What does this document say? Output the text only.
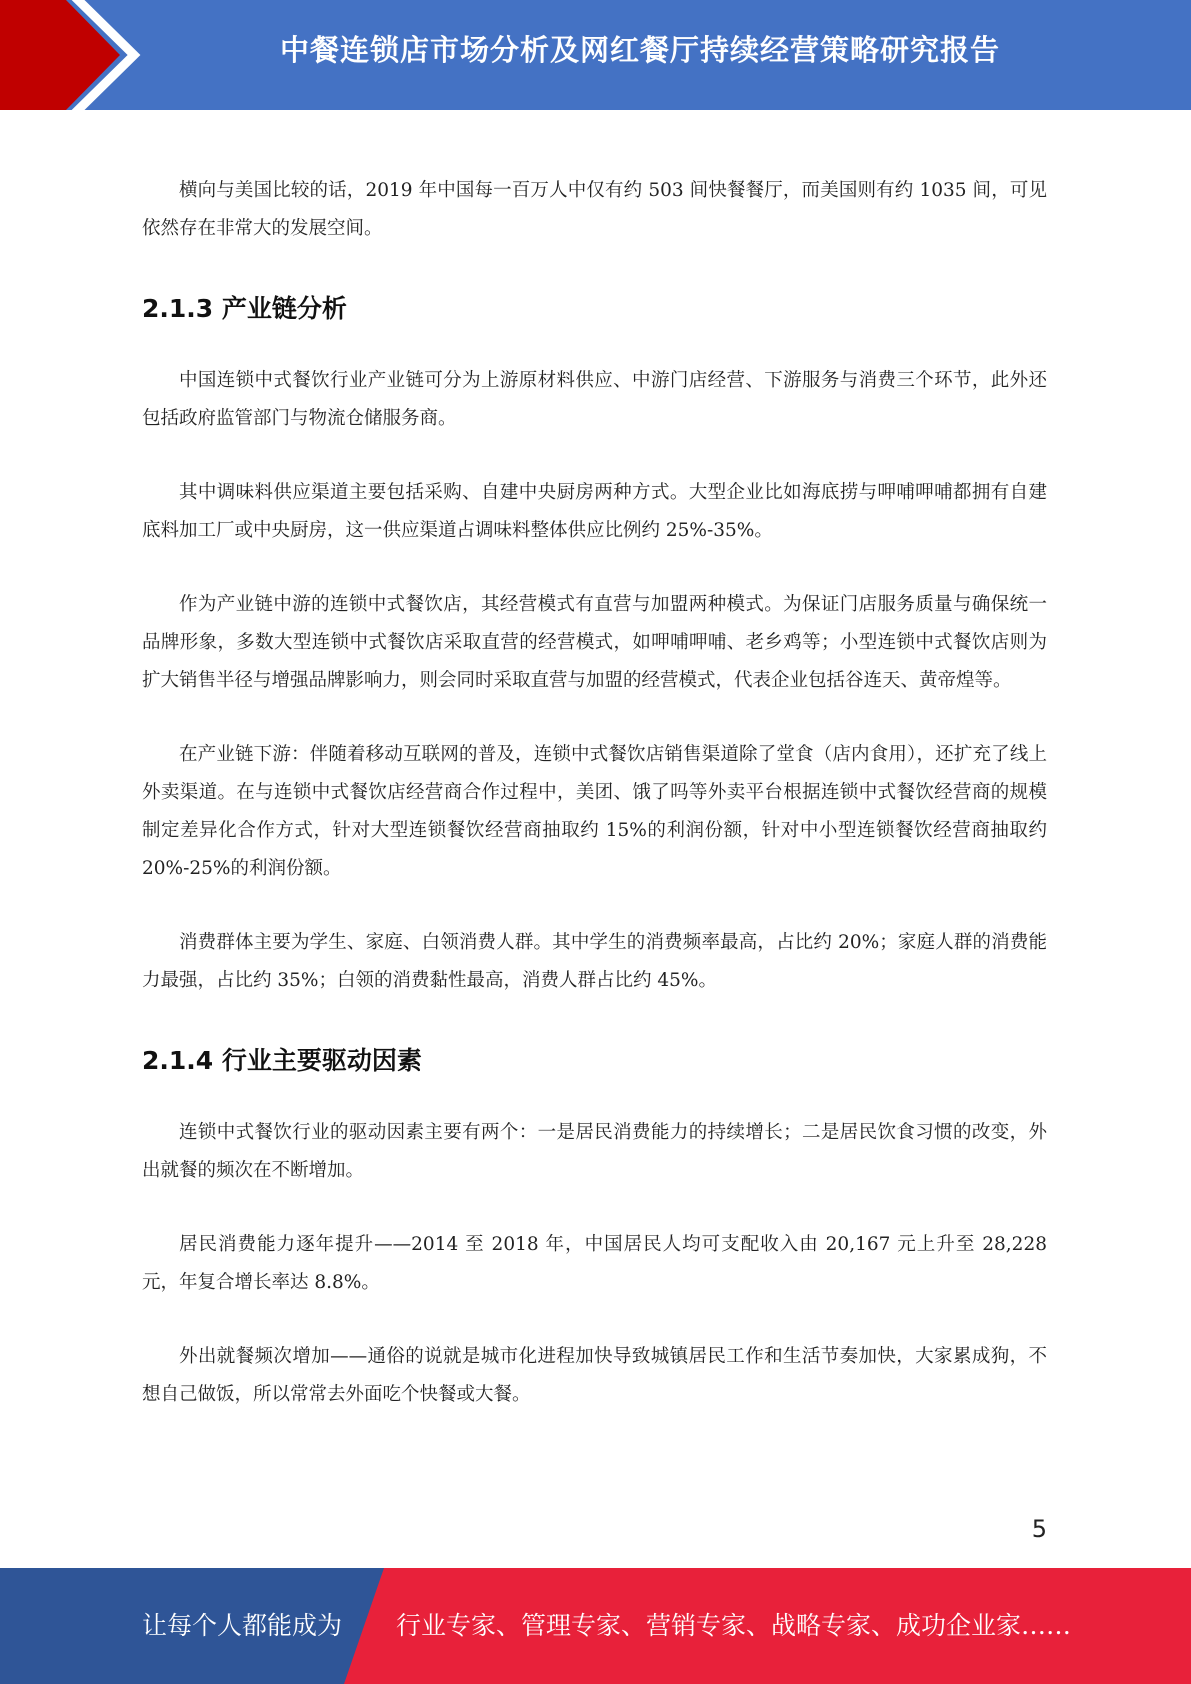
中餐连锁店市场分析及网红餐厅持续经营策略研究报告

横向与美国比较的话，2019 年中国每一百万人中仅有约 503 间快餐餐厅，而美国则有约 1035 间，可见依然存在非常大的发展空间。

2.1.3 产业链分析

中国连锁中式餐饮行业产业链可分为上游原材料供应、中游门店经营、下游服务与消费三个环节，此外还包括政府监管部门与物流仓储服务商。

其中调味料供应渠道主要包括采购、自建中央厨房两种方式。大型企业比如海底捞与呷哺呷哺都拥有自建底料加工厂或中央厨房，这一供应渠道占调味料整体供应比例约 25%-35%。

作为产业链中游的连锁中式餐饮店，其经营模式有直营与加盟两种模式。为保证门店服务质量与确保统一品牌形象，多数大型连锁中式餐饮店采取直营的经营模式，如呷哺呷哺、老乡鸡等；小型连锁中式餐饮店则为扩大销售半径与增强品牌影响力，则会同时采取直营与加盟的经营模式，代表企业包括谷连天、黄帝煌等。

在产业链下游：伴随着移动互联网的普及，连锁中式餐饮店销售渠道除了堂食（店内食用），还扩充了线上外卖渠道。在与连锁中式餐饮店经营商合作过程中，美团、饿了吗等外卖平台根据连锁中式餐饮经营商的规模制定差异化合作方式，针对大型连锁餐饮经营商抽取约 15%的利润份额，针对中小型连锁餐饮经营商抽取约 20%-25%的利润份额。

消费群体主要为学生、家庭、白领消费人群。其中学生的消费频率最高，占比约 20%；家庭人群的消费能力最强，占比约 35%；白领的消费黏性最高，消费人群占比约 45%。

2.1.4 行业主要驱动因素

连锁中式餐饮行业的驱动因素主要有两个：一是居民消费能力的持续增长；二是居民饮食习惯的改变，外出就餐的频次在不断增加。

居民消费能力逐年提升——2014 至 2018 年，中国居民人均可支配收入由 20,167 元上升至 28,228 元，年复合增长率达 8.8%。

外出就餐频次增加——通俗的说就是城市化进程加快导致城镇居民工作和生活节奏加快，大家累成狗，不想自己做饭，所以常常去外面吃个快餐或大餐。

5
让每个人都能成为 行业专家、管理专家、营销专家、战略专家、成功企业家……
